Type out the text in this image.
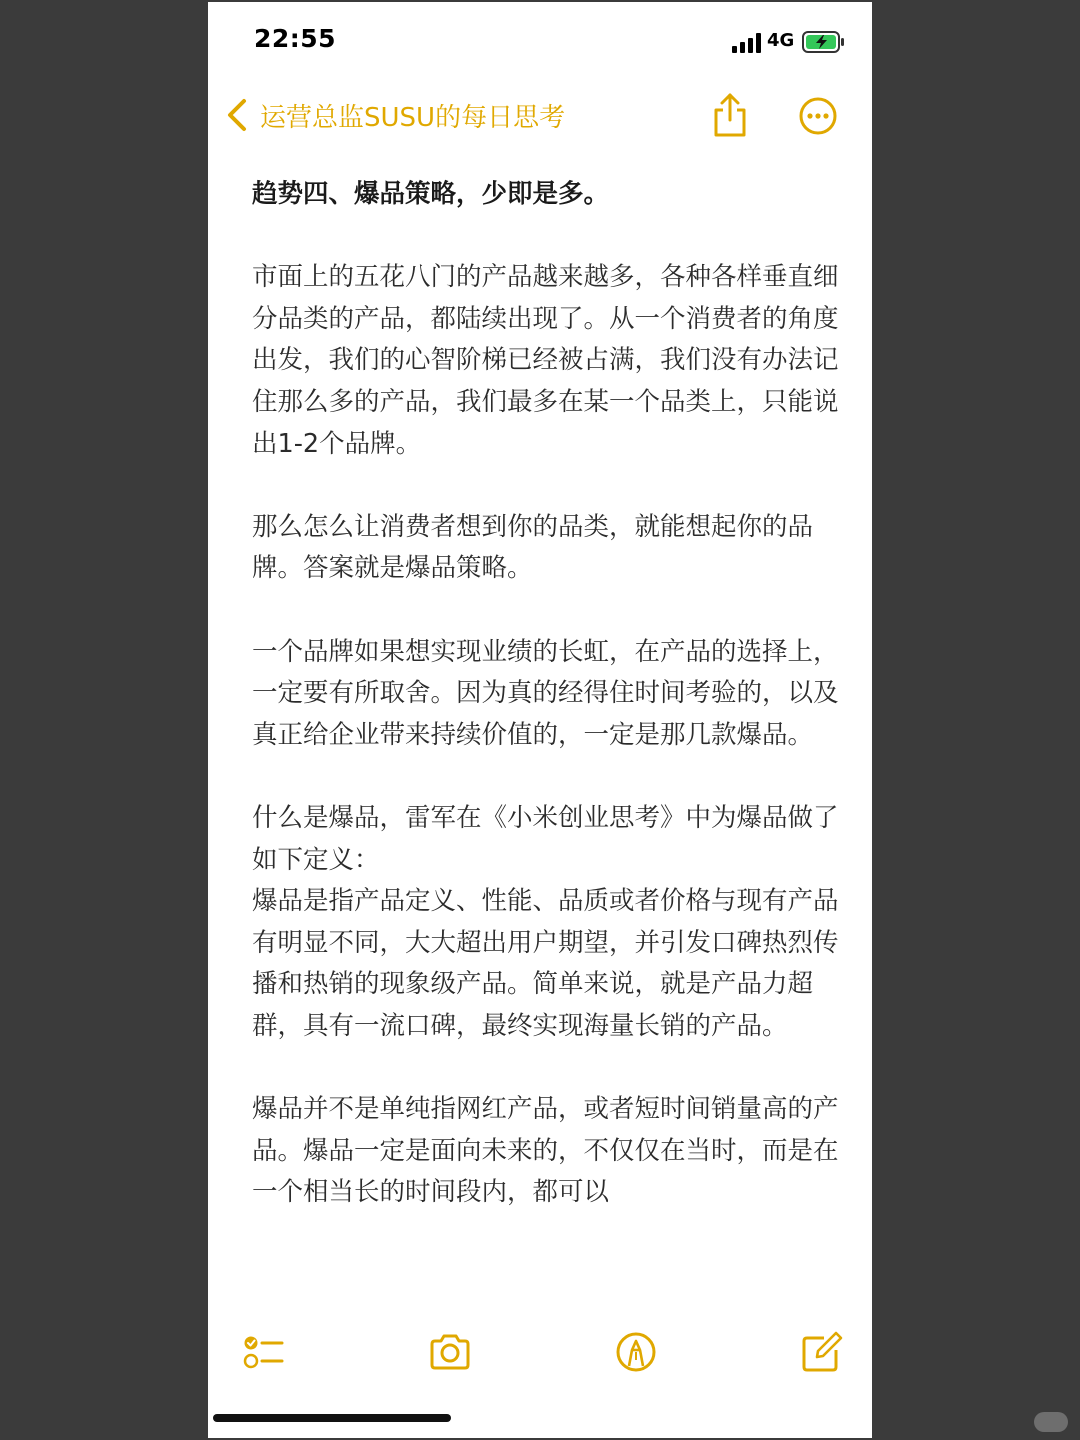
22:55	4G
运营总监SUSU的每日思考

趋势四、爆品策略，少即是多。

市面上的五花八门的产品越来越多，各种各样垂直细分品类的产品，都陆续出现了。从一个消费者的角度出发，我们的心智阶梯已经被占满，我们没有办法记住那么多的产品，我们最多在某一个品类上，只能说出1-2个品牌。

那么怎么让消费者想到你的品类，就能想起你的品牌。答案就是爆品策略。

一个品牌如果想实现业绩的长虹，在产品的选择上，一定要有所取舍。因为真的经得住时间考验的，以及真正给企业带来持续价值的，一定是那几款爆品。

什么是爆品，雷军在《小米创业思考》中为爆品做了如下定义：

爆品是指产品定义、性能、品质或者价格与现有产品有明显不同，大大超出用户期望，并引发口碑热烈传播和热销的现象级产品。简单来说，就是产品力超群，具有一流口碑，最终实现海量长销的产品。

爆品并不是单纯指网红产品，或者短时间销量高的产品。爆品一定是面向未来的，不仅仅在当时，而是在一个相当长的时间段内，都可以
